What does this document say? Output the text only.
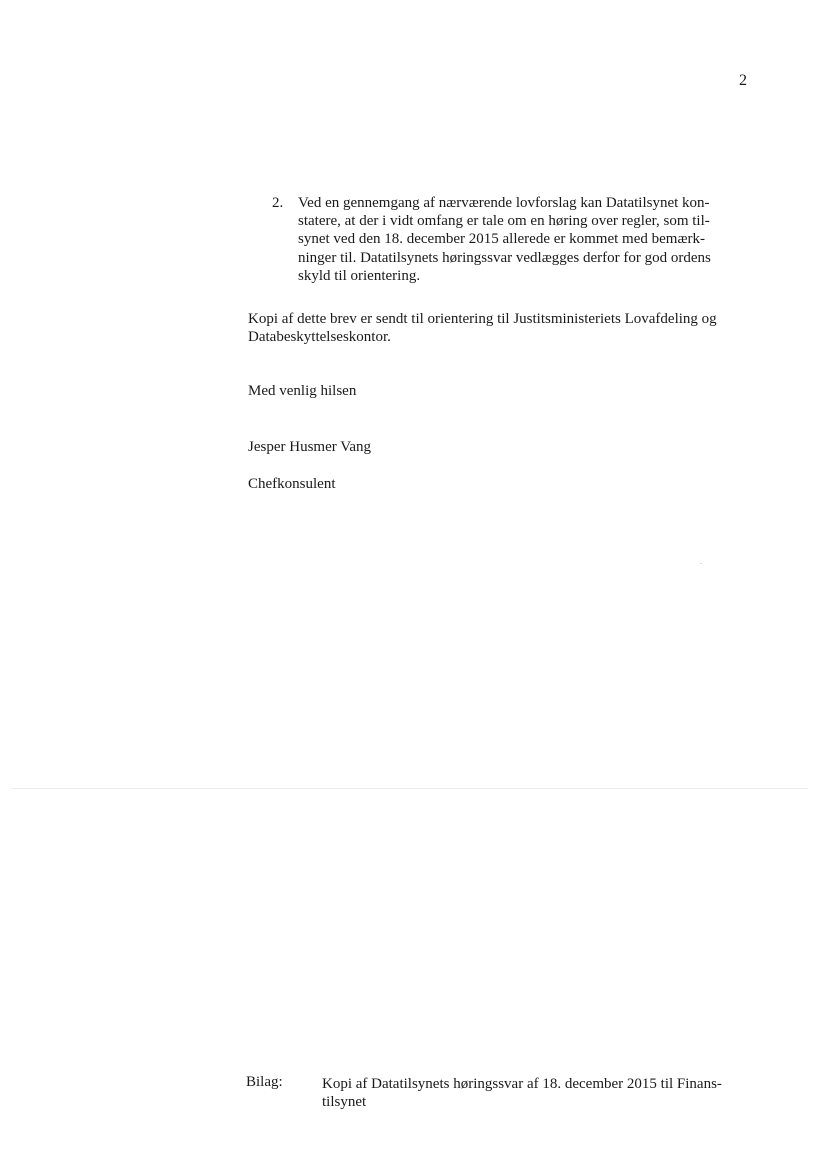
2
2. Ved en gennemgang af nærværende lovforslag kan Datatilsynet kon-
statere, at der i vidt omfang er tale om en høring over regler, som til-
synet ved den 18. december 2015 allerede er kommet med bemærk-
ninger til. Datatilsynets høringssvar vedlægges derfor for god ordens
skyld til orientering.
Kopi af dette brev er sendt til orientering til Justitsministeriets Lovafdeling og
Databeskyttelseskontor.
Med venlig hilsen
Jesper Husmer Vang
Chefkonsulent
Bilag:	Kopi af Datatilsynets høringssvar af 18. december 2015 til Finans-
tilsynet
